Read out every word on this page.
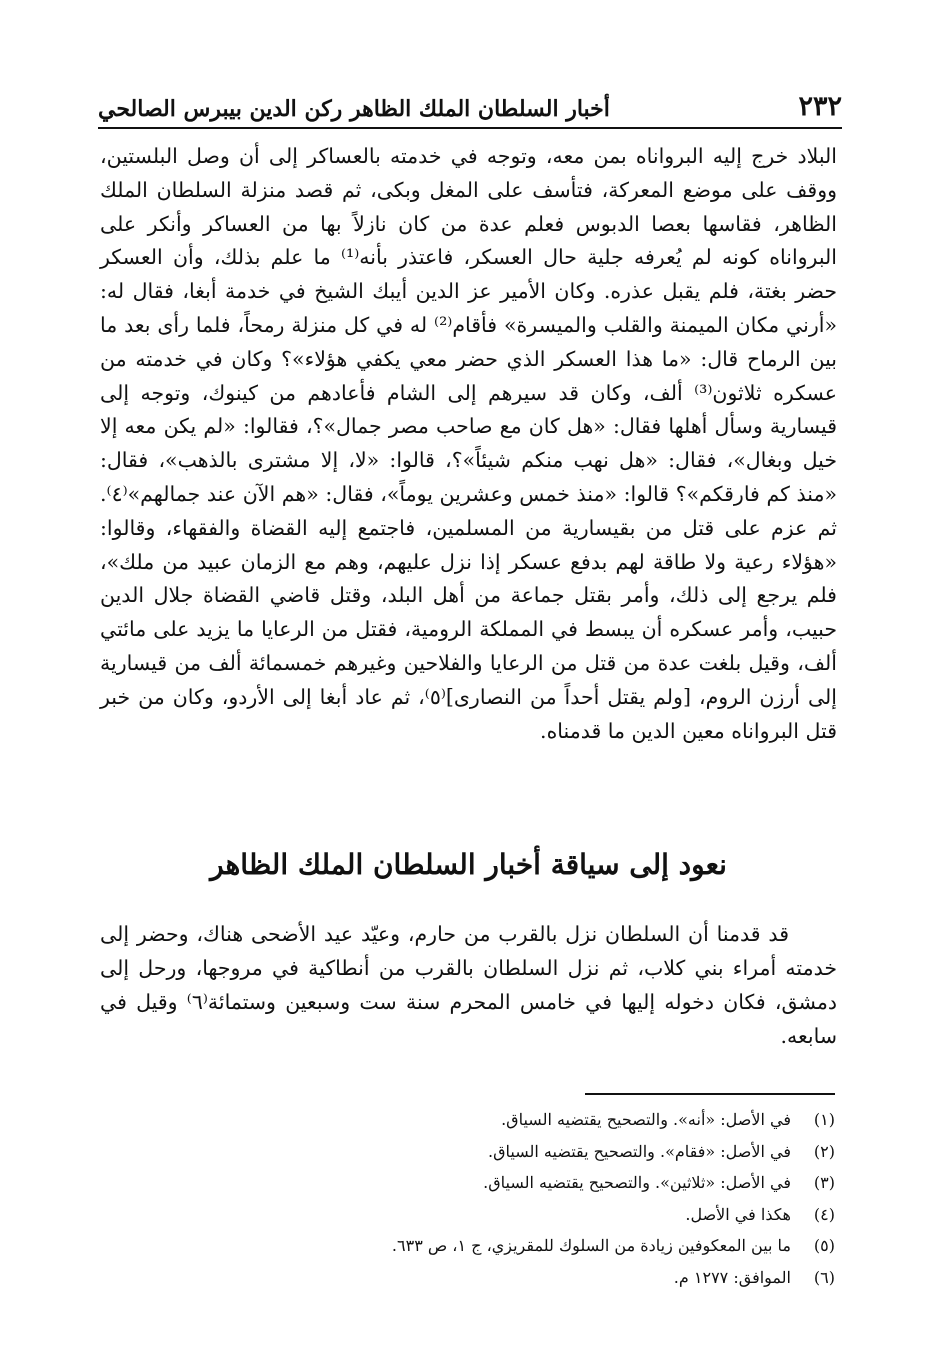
٢٣٢
أخبار السلطان الملك الظاهر ركن الدين بيبرس الصالحي

البلاد خرج إليه البرواناه بمن معه، وتوجه في خدمته بالعساكر إلى أن وصل البلستين، ووقف على موضع المعركة، فتأسف على المغل وبكى، ثم قصد منزلة السلطان الملك الظاهر، فقاسها بعصا الدبوس فعلم عدة من كان نازلاً بها من العساكر وأنكر على البرواناه كونه لم يُعرفه جلية حال العسكر، فاعتذر بأنه⁽¹⁾ ما علم بذلك، وأن العسكر حضر بغتة، فلم يقبل عذره. وكان الأمير عز الدين أيبك الشيخ في خدمة أبغا، فقال له: «أرني مكان الميمنة والقلب والميسرة» فأقام⁽²⁾ له في كل منزلة رمحاً، فلما رأى بعد ما بين الرماح قال: «ما هذا العسكر الذي حضر معي يكفي هؤلاء»؟ وكان في خدمته من عسكره ثلاثون⁽³⁾ ألف، وكان قد سيرهم إلى الشام فأعادهم من كينوك، وتوجه إلى قيسارية وسأل أهلها فقال: «هل كان مع صاحب مصر جمال»؟، فقالوا: «لم يكن معه إلا خيل وبغال»، فقال: «هل نهب منكم شيئاً»؟، قالوا: «لا، إلا مشترى بالذهب»، فقال: «منذ كم فارقكم»؟ قالوا: «منذ خمس وعشرين يوماً»، فقال: «هم الآن عند جمالهم»⁽٤⁾. ثم عزم على قتل من بقيسارية من المسلمين، فاجتمع إليه القضاة والفقهاء، وقالوا: «هؤلاء رعية ولا طاقة لهم بدفع عسكر إذا نزل عليهم، وهم مع الزمان عبيد من ملك»، فلم يرجع إلى ذلك، وأمر بقتل جماعة من أهل البلد، وقتل قاضي القضاة جلال الدين حبيب، وأمر عسكره أن يبسط في المملكة الرومية، فقتل من الرعايا ما يزيد على مائتي ألف، وقيل بلغت عدة من قتل من الرعايا والفلاحين وغيرهم خمسمائة ألف من قيسارية إلى أرزن الروم، [ولم يقتل أحداً من النصارى]⁽٥⁾، ثم عاد أبغا إلى الأردو، وكان من خبر قتل البرواناه معين الدين ما قدمناه.

نعود إلى سياقة أخبار السلطان الملك الظاهر

قد قدمنا أن السلطان نزل بالقرب من حارم، وعيّد عيد الأضحى هناك، وحضر إلى خدمته أمراء بني كلاب، ثم نزل السلطان بالقرب من أنطاكية في مروجها، ورحل إلى دمشق، فكان دخوله إليها في خامس المحرم سنة ست وسبعين وستمائة⁽٦⁾ وقيل في سابعه.

(١)
في الأصل: «أنه». والتصحيح يقتضيه السياق.
(٢)
في الأصل: «فقام». والتصحيح يقتضيه السياق.
(٣)
في الأصل: «ثلاثين». والتصحيح يقتضيه السياق.
(٤)
هكذا في الأصل.
(٥)
ما بين المعكوفين زيادة من السلوك للمقريزي، ج ١، ص ٦٣٣.
(٦)
الموافق: ١٢٧٧ م.
